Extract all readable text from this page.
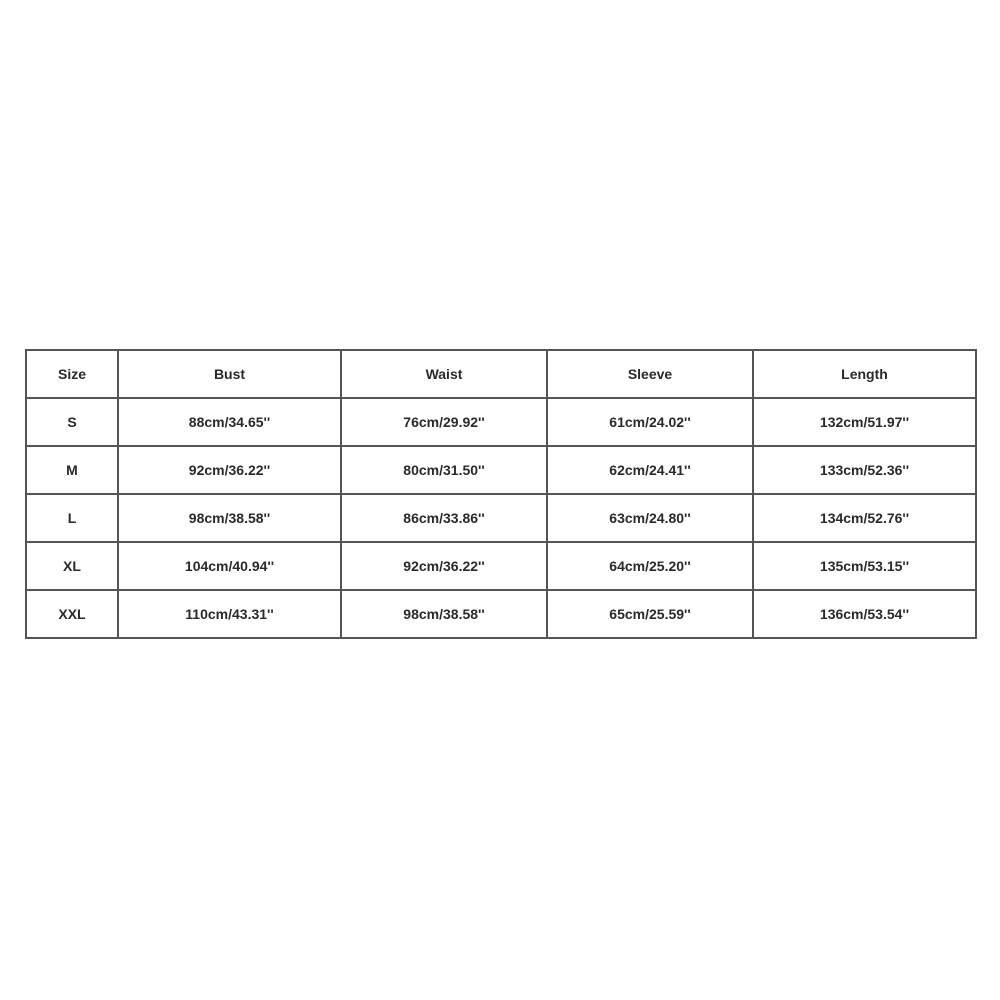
Size	Bust	Waist	Sleeve	Length
S	88cm/34.65''	76cm/29.92''	61cm/24.02''	132cm/51.97''
M	92cm/36.22''	80cm/31.50''	62cm/24.41''	133cm/52.36''
L	98cm/38.58''	86cm/33.86''	63cm/24.80''	134cm/52.76''
XL	104cm/40.94''	92cm/36.22''	64cm/25.20''	135cm/53.15''
XXL	110cm/43.31''	98cm/38.58''	65cm/25.59''	136cm/53.54''
